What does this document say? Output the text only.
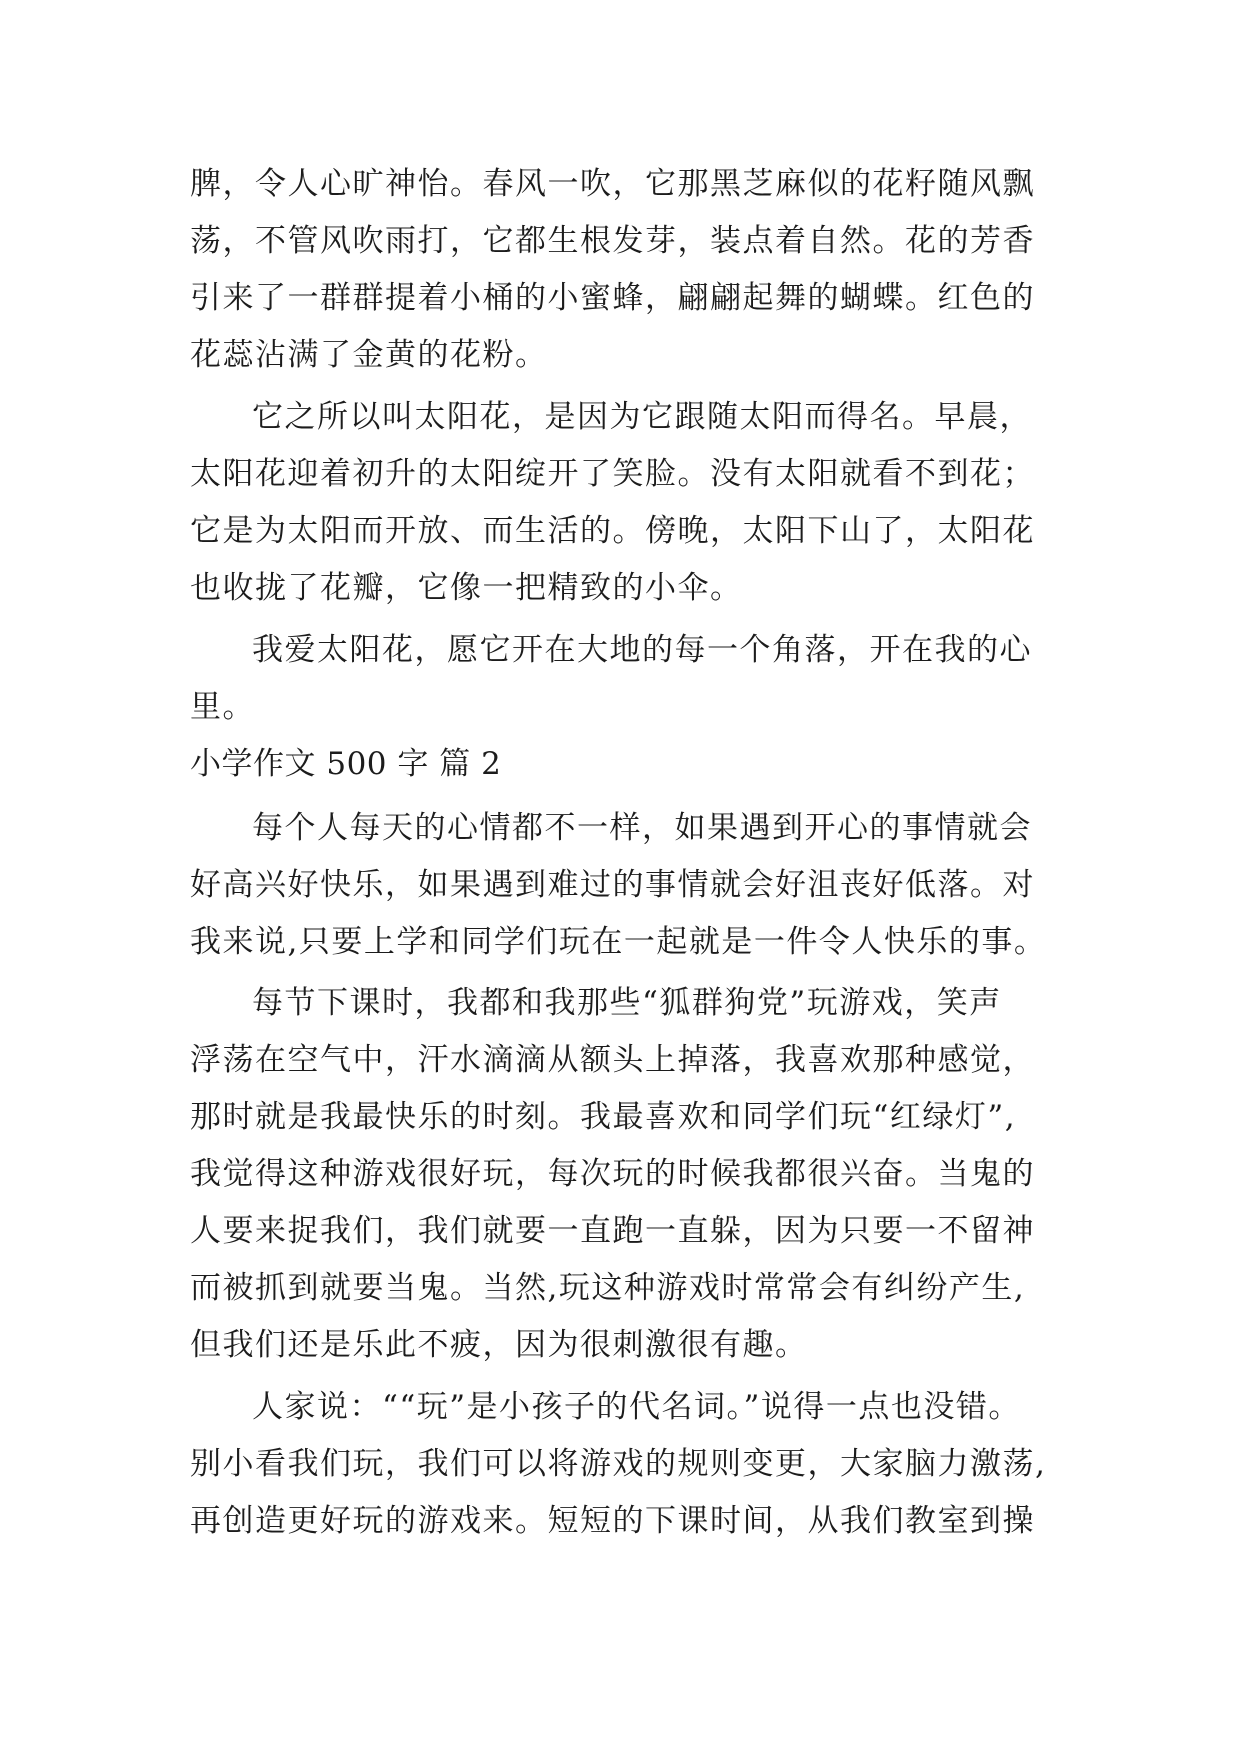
脾，令人心旷神怡。春风一吹，它那黑芝麻似的花籽随风飘
荡，不管风吹雨打，它都生根发芽，装点着自然。花的芳香
引来了一群群提着小桶的小蜜蜂，翩翩起舞的蝴蝶。红色的
花蕊沾满了金黄的花粉。
它之所以叫太阳花，是因为它跟随太阳而得名。早晨，
太阳花迎着初升的太阳绽开了笑脸。没有太阳就看不到花；
它是为太阳而开放、而生活的。傍晚，太阳下山了，太阳花
也收拢了花瓣，它像一把精致的小伞。
我爱太阳花，愿它开在大地的每一个角落，开在我的心
里。
小学作文 500 字 篇 2
每个人每天的心情都不一样，如果遇到开心的事情就会
好高兴好快乐，如果遇到难过的事情就会好沮丧好低落。对
我来说,只要上学和同学们玩在一起就是一件令人快乐的事。
每节下课时，我都和我那些“狐群狗党”玩游戏，笑声
浮荡在空气中，汗水滴滴从额头上掉落，我喜欢那种感觉，
那时就是我最快乐的时刻。我最喜欢和同学们玩“红绿灯”,
我觉得这种游戏很好玩，每次玩的时候我都很兴奋。当鬼的
人要来捉我们，我们就要一直跑一直躲，因为只要一不留神
而被抓到就要当鬼。当然,玩这种游戏时常常会有纠纷产生,
但我们还是乐此不疲，因为很刺激很有趣。
人家说：““玩”是小孩子的代名词。”说得一点也没错。
别小看我们玩，我们可以将游戏的规则变更，大家脑力激荡,
再创造更好玩的游戏来。短短的下课时间，从我们教室到操
